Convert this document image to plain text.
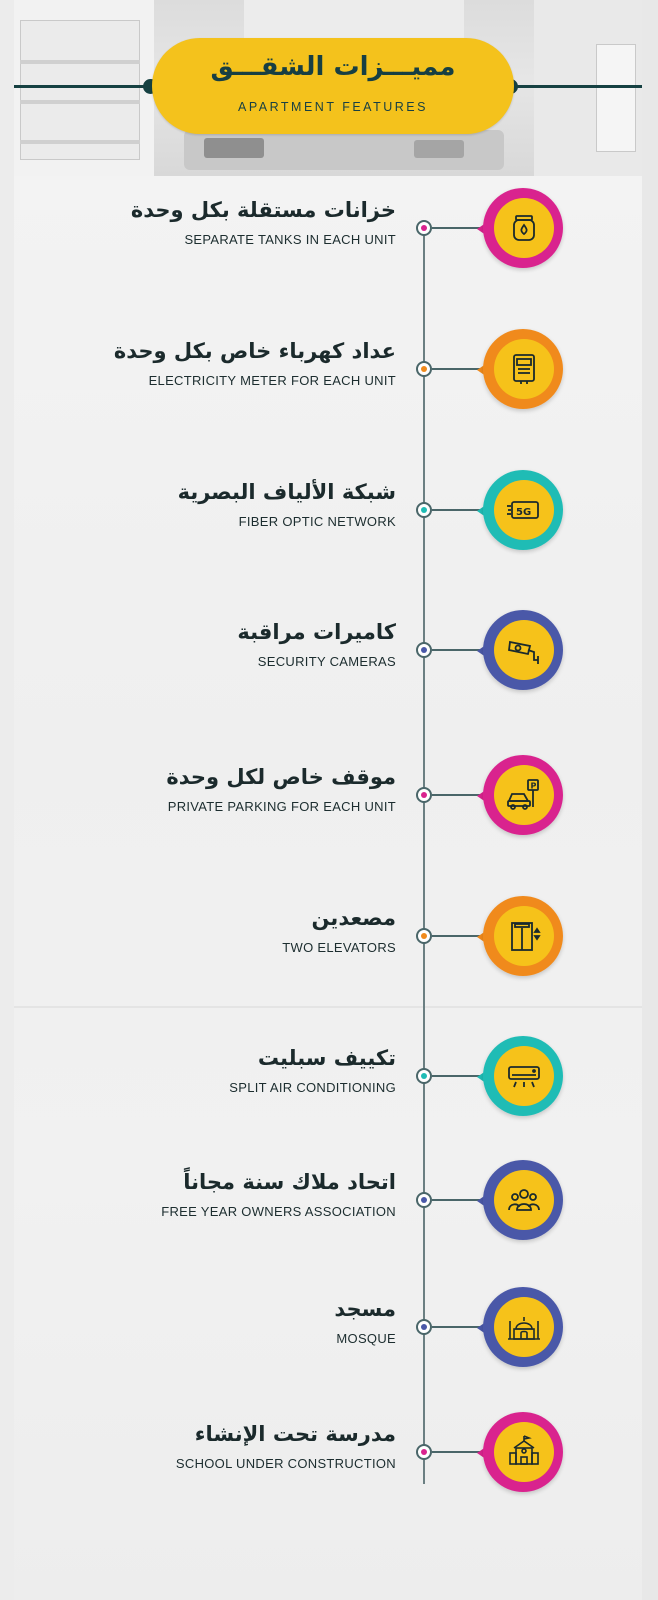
مميـــزات الشقـــق
APARTMENT FEATURES
خزانات مستقلة بكل وحدة
SEPARATE TANKS IN EACH UNIT
عداد كهرباء خاص بكل وحدة
ELECTRICITY METER FOR EACH UNIT
شبكة الألياف البصرية
FIBER OPTIC NETWORK
5G
كاميرات مراقبة
SECURITY CAMERAS
موقف خاص لكل وحدة
PRIVATE PARKING FOR EACH UNIT
P
مصعدين
TWO ELEVATORS
تكييف سبليت
SPLIT AIR CONDITIONING
اتحاد ملاك سنة مجاناً
FREE YEAR OWNERS ASSOCIATION
مسجد
MOSQUE
مدرسة تحت الإنشاء
SCHOOL UNDER CONSTRUCTION
